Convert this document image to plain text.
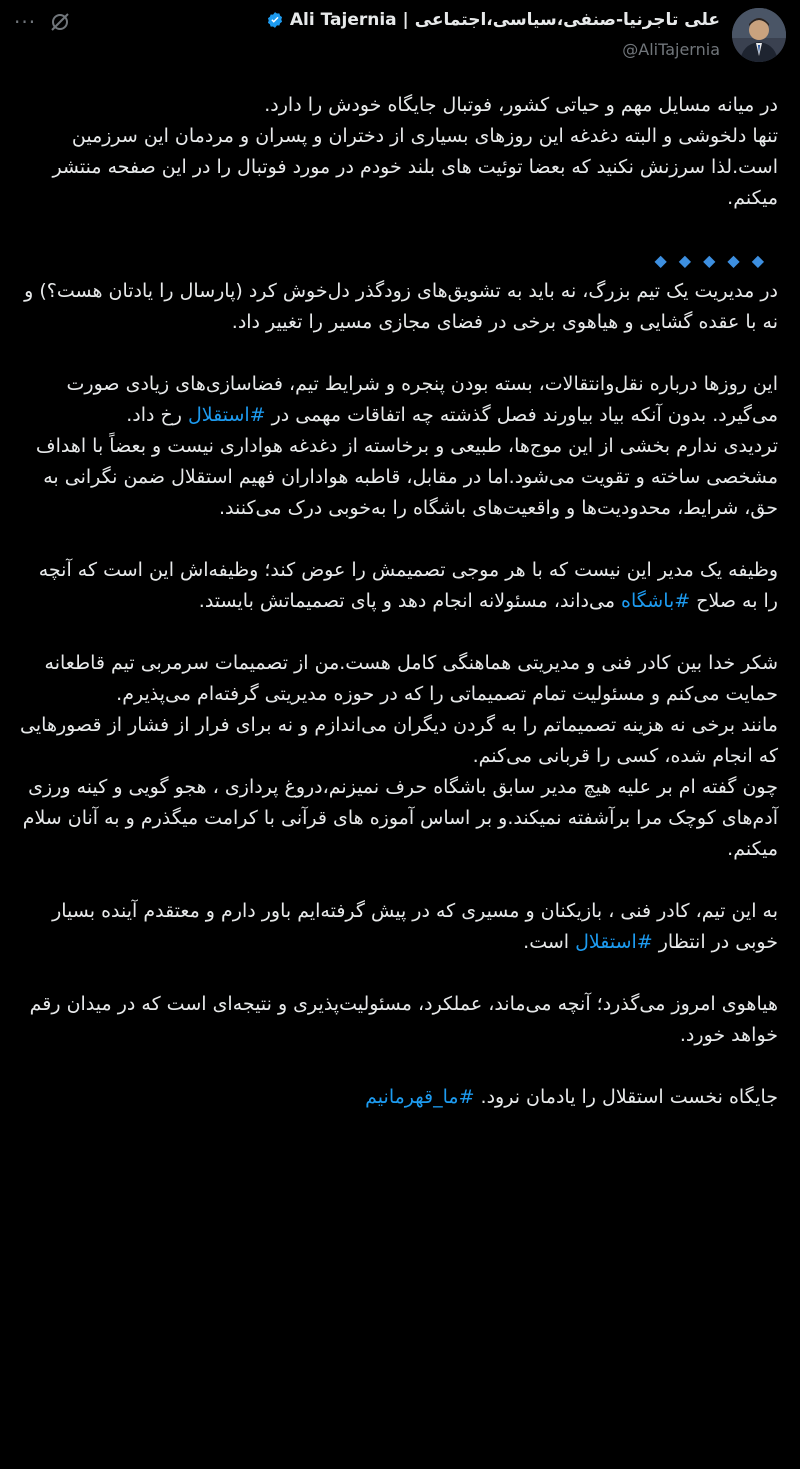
Ali Tajernia | علی تاجرنیا-صنفی،سیاسی،اجتماعی
@AliTajernia
···

در میانه مسایل مهم و حیاتی کشور، فوتبال جایگاه خودش را دارد.
تنها دلخوشی و البته دغدغه این روزهای بسیاری از دختران و پسران و مردمان این سرزمین است.لذا سرزنش نکنید که بعضا توئیت های بلند خودم در مورد فوتبال را در این صفحه منتشر میکنم.

◆◆◆◆◆

در مدیریت یک تیم بزرگ، نه باید به تشویق‌های زودگذر دل‌خوش کرد (پارسال را یادتان هست؟) و نه با عقده گشایی و هیاهوی برخی در فضای مجازی مسیر را تغییر داد.

این روزها درباره نقل‌وانتقالات، بسته بودن پنجره و شرایط تیم، فضاسازی‌های زیادی صورت می‌گیرد. بدون آنکه بیاد بیاورند فصل گذشته چه اتفاقات مهمی در #استقلال رخ داد.

تردیدی ندارم بخشی از این موج‌ها، طبیعی و برخاسته از دغدغه هواداری نیست و بعضاً با اهداف مشخصی ساخته و تقویت می‌شود.اما در مقابل، قاطبه هواداران فهیم استقلال ضمن نگرانی به حق، شرایط، محدودیت‌ها و واقعیت‌های باشگاه را به‌خوبی درک می‌کنند.

وظیفه یک مدیر این نیست که با هر موجی تصمیمش را عوض کند؛ وظیفه‌اش این است که آنچه را به صلاح #باشگاه می‌داند، مسئولانه انجام دهد و پای تصمیماتش بایستد.

شکر خدا بین کادر فنی و مدیریتی هماهنگی کامل هست.من از تصمیمات سرمربی تیم قاطعانه حمایت می‌کنم و مسئولیت تمام تصمیماتی را که در حوزه مدیریتی گرفته‌ام می‌پذیرم.

مانند برخی نه هزینه تصمیماتم را به گردن دیگران می‌اندازم و نه برای فرار از فشار از قصورهایی که انجام شده، کسی را قربانی می‌کنم.

چون گفته ام بر علیه هیچ مدیر سابق باشگاه حرف نمیزنم،دروغ پردازی ، هجو گویی و کینه ورزی آدم‌های کوچک مرا برآشفته نمیکند.و بر اساس آموزه های قرآنی با کرامت میگذرم و به آنان سلام میکنم.

به این تیم، کادر فنی ، بازیکنان و مسیری که در پیش گرفته‌ایم باور دارم و معتقدم آینده بسیار خوبی در انتظار #استقلال است.

هیاهوی امروز می‌گذرد؛ آنچه می‌ماند، عملکرد، مسئولیت‌پذیری و نتیجه‌ای است که در میدان رقم خواهد خورد.

جایگاه نخست استقلال را یادمان نرود. #ما_قهرمانیم
